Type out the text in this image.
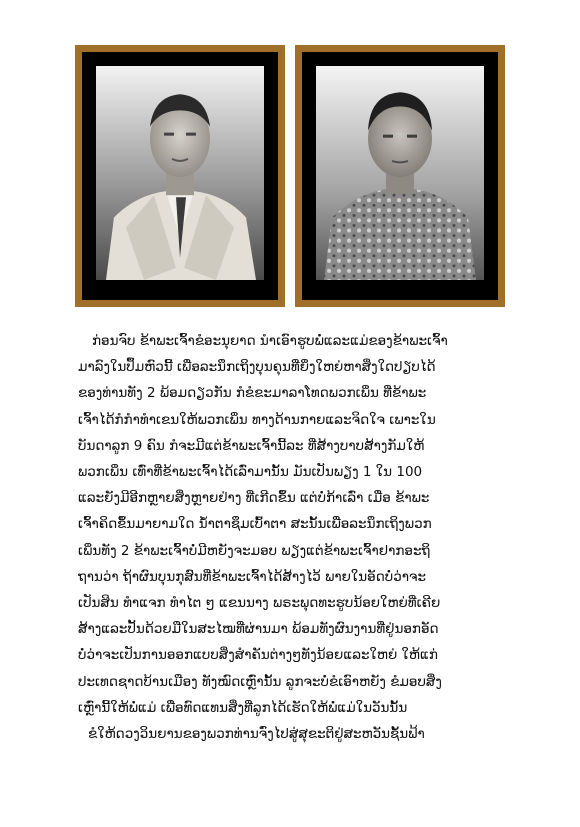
ກ່ອນຈົບ ຂ້າພະເຈົ້າຂໍອະນຸຍາດ ນຳເອົາຮູບພໍ່ແລະແມ່ຂອງຂ້າພະເຈົ້າ
ມາລົງໃນປຶ້ມຫົວນີ້ ເພື່ອລະນຶກເຖິງບຸນຄຸນທີ່ຍິ່ງໃຫຍ່ຫາສິ່ງໃດປຽບໄດ້
ຂອງທ່ານທັງ 2 ພ້ອມດຽວກັນ ກໍຂໍຂະມາລາໂທດພວກເພິ່ນ ທີ່ຂ້າພະ
ເຈົ້າໄດ້ກໍກຳທຳເຂນໃຫ້ພວກເພິ່ນ ທາງດ້ານກາຍແລະຈິດໃຈ ເພາະໃນ
ບັນດາລູກ 9 ຄົນ ກໍຈະມີແຕ່ຂ້າພະເຈົ້ານີ້ລະ ທີ່ສ້າງບາບສ້າງກັມໃຫ້
ພວກເພິ່ນ ເທົ່າທີ່ຂ້າພະເຈົ້າໄດ້ເລົ່າມານັ້ນ ມັນເປັນພຽງ 1 ໃນ 100
ແລະຍັງມີອີກຫຼາຍສິ່ງຫຼາຍຢ່າງ ທີ່ເກີດຂຶ້ນ ແຕ່ບໍ່ກ້າເລົ່າ ເມື່ອ ຂ້າພະ
ເຈົ້າຄິດຂຶ້ນມາຍາມໃດ ນ້ຳຕາຊຶມເບົ້າຕາ ສະນັ້ນເພື່ອລະນຶກເຖິງພວກ
ເພິ່ນທັງ 2 ຂ້າພະເຈົ້າບໍ່ມີຫຍັງຈະມອບ ພຽງແຕ່ຂ້າພະເຈົ້າຢາກອະຖິ
ຖານວ່າ ຖ້າຜົນບຸນກຸສົນທີ່ຂ້າພະເຈົ້າໄດ້ສ້າງໄວ້ ພາຍໃນອັດບໍ່ວ່າຈະ
ເປັນສິນ ທຳແຈກ ທຳໄຕ ໆ ແຂນນາງ ພຣະພຸດທະຮູບນ້ອຍໃຫຍ່ທີ່ເຄີຍ
ສ້າງແລະປັ້ນດ້ວຍມືໃນສະໄໝທີ່ຜ່ານມາ ພ້ອມທັງຜົນງານທີ່ຢູ່ນອກອັດ
ບໍ່ວ່າຈະເປັນການອອກແບບສິ່ງສຳຄັນຕ່າງໆທັງນ້ອຍແລະໃຫຍ່ ໃຫ້ແກ່
ປະເທດຊາດບ້ານເມືອງ ທັງໝົດເຫຼົ່ານັ້ນ ລູກຈະບໍ່ຂໍເອົາຫຍັງ ຂໍມອບສິ່ງ
ເຫຼົ່ານີ້ໃຫ້ພໍ່ແມ່ ເພື່ອທົດແທນສິ່ງທີ່ລູກໄດ້ເຮັດໃຫ້ພໍ່ແມ່ໃນວັນນັ້ນ
ຂໍໃຫ້ດວງວິນຍານຂອງພວກທ່ານຈົ່ງໄປສູ່ສຸຂະຕິຢູ່ສະຫວັນຊັ້ນຟ້າ
